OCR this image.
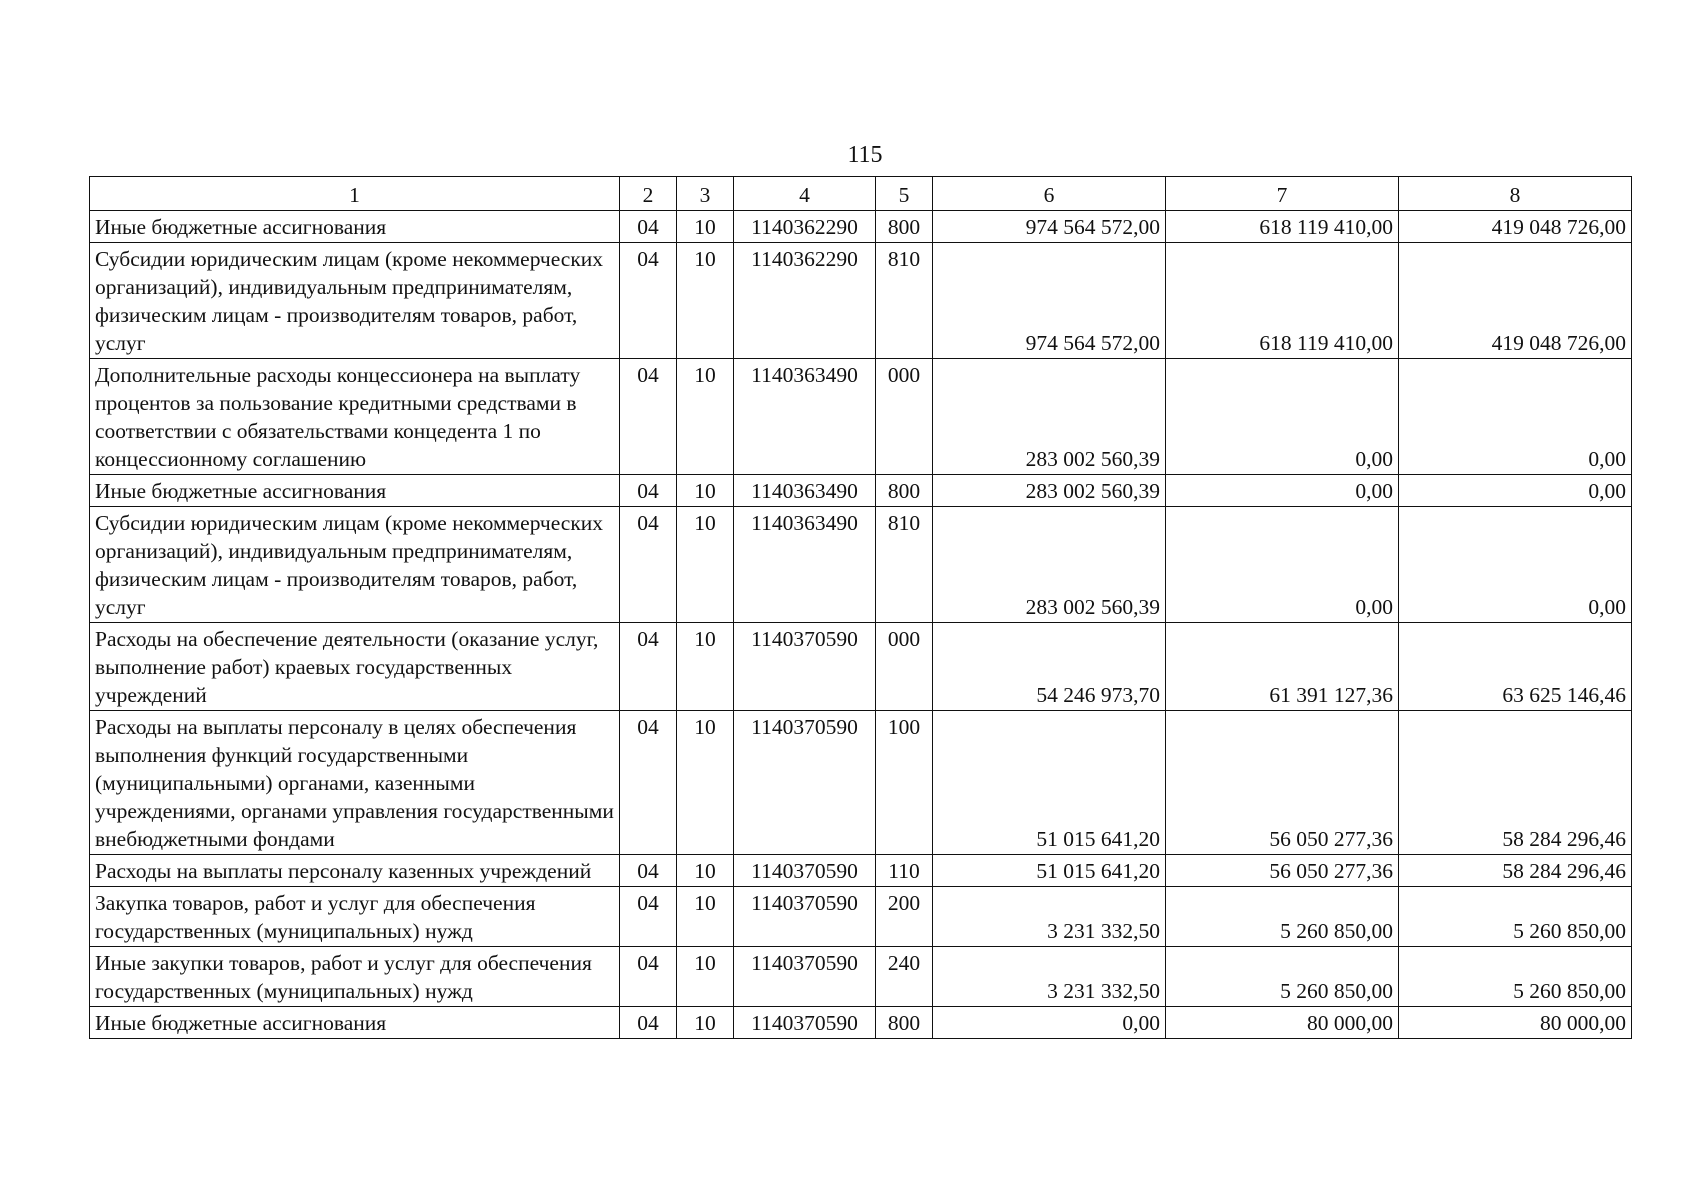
115
1	2	3	4	5	6	7	8

Иные бюджетные ассигнования	04	10	1140362290	800	974 564 572,00	618 119 410,00	419 048 726,00

Субсидии юридическим лицам (кроме некоммерческих организаций), индивидуальным предпринимателям, физическим лицам - производителям товаров, работ, услуг	04	10	1140362290	810	974 564 572,00	618 119 410,00	419 048 726,00

Дополнительные расходы концессионера на выплату процентов за пользование кредитными средствами в соответствии с обязательствами концедента 1 по концессионному соглашению	04	10	1140363490	000	283 002 560,39	0,00	0,00

Иные бюджетные ассигнования	04	10	1140363490	800	283 002 560,39	0,00	0,00

Субсидии юридическим лицам (кроме некоммерческих организаций), индивидуальным предпринимателям, физическим лицам - производителям товаров, работ, услуг	04	10	1140363490	810	283 002 560,39	0,00	0,00

Расходы на обеспечение деятельности (оказание услуг, выполнение работ) краевых государственных учреждений	04	10	1140370590	000	54 246 973,70	61 391 127,36	63 625 146,46

Расходы на выплаты персоналу в целях обеспечения выполнения функций государственными (муниципальными) органами, казенными учреждениями, органами управления государственными внебюджетными фондами	04	10	1140370590	100	51 015 641,20	56 050 277,36	58 284 296,46

Расходы на выплаты персоналу казенных учреждений	04	10	1140370590	110	51 015 641,20	56 050 277,36	58 284 296,46

Закупка товаров, работ и услуг для обеспечения государственных (муниципальных) нужд	04	10	1140370590	200	3 231 332,50	5 260 850,00	5 260 850,00

Иные закупки товаров, работ и услуг для обеспечения государственных (муниципальных) нужд	04	10	1140370590	240	3 231 332,50	5 260 850,00	5 260 850,00

Иные бюджетные ассигнования	04	10	1140370590	800	0,00	80 000,00	80 000,00
